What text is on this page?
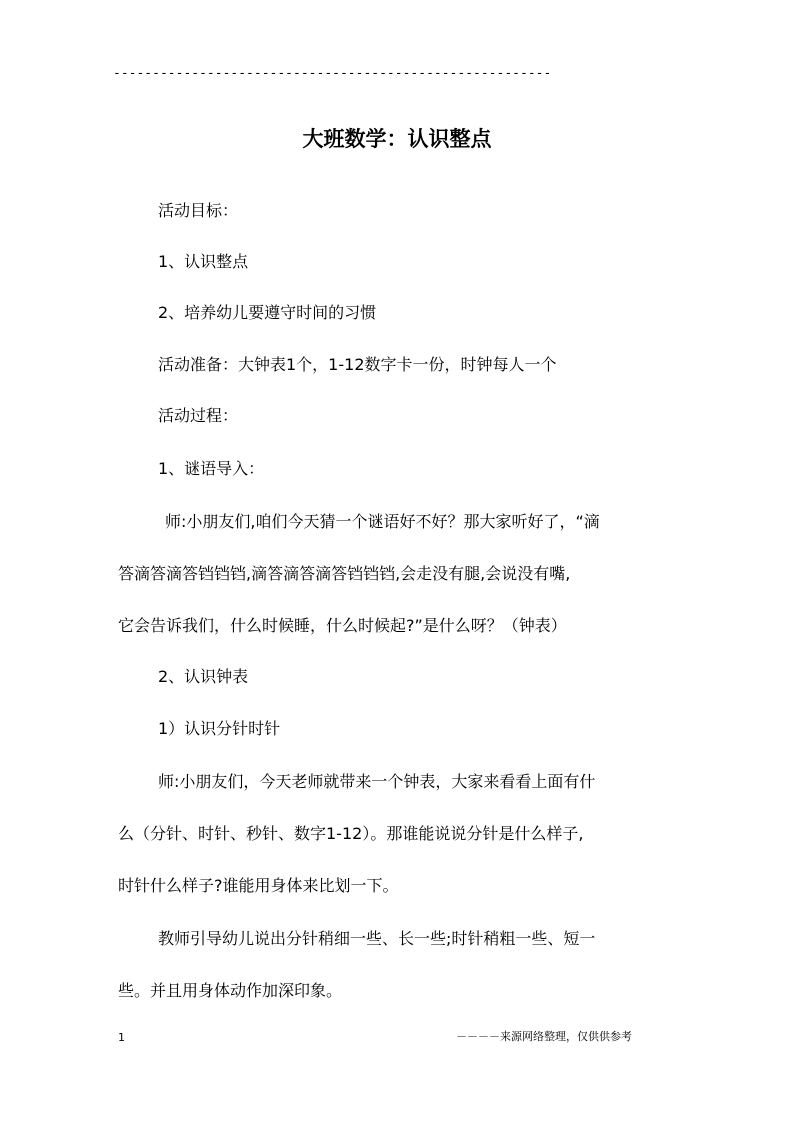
--------------------------------------------------------
大班数学：认识整点
活动目标：
1、认识整点
2、培养幼儿要遵守时间的习惯
活动准备：大钟表1个，1-12数字卡一份，时钟每人一个
活动过程：
1、谜语导入：
师:小朋友们,咱们今天猜一个谜语好不好？那大家听好了，“滴
答滴答滴答铛铛铛,滴答滴答滴答铛铛铛,会走没有腿,会说没有嘴,
它会告诉我们，什么时候睡，什么时候起?”是什么呀？（钟表）
2、认识钟表
1）认识分针时针
师:小朋友们，今天老师就带来一个钟表，大家来看看上面有什
么（分针、时针、秒针、数字1-12）。那谁能说说分针是什么样子,
时针什么样子?谁能用身体来比划一下。
教师引导幼儿说出分针稍细一些、长一些;时针稍粗一些、短一
些。并且用身体动作加深印象。
1	－－－－来源网络整理，仅供供参考
